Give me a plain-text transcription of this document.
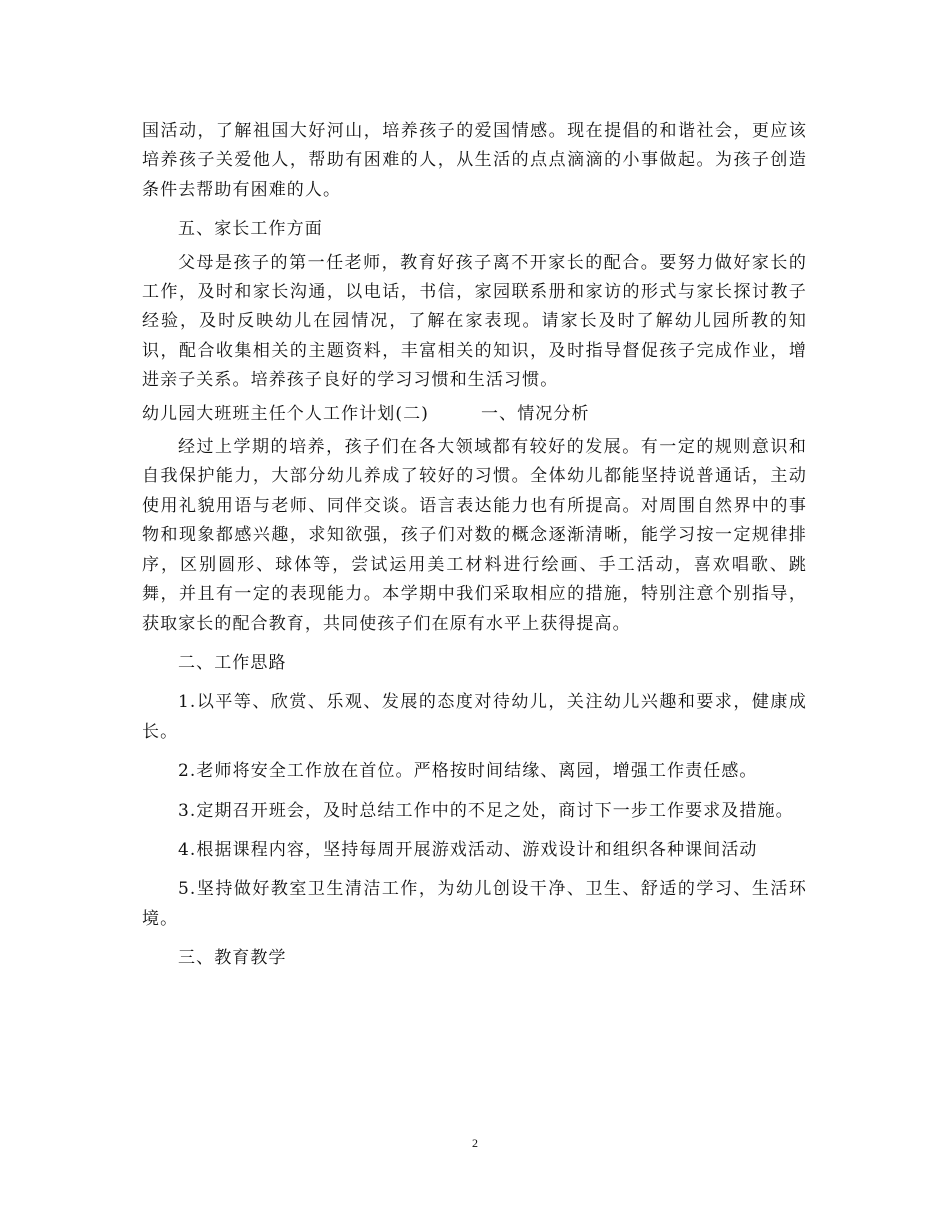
国活动，了解祖国大好河山，培养孩子的爱国情感。现在提倡的和谐社会，更应该培养孩子关爱他人，帮助有困难的人，从生活的点点滴滴的小事做起。为孩子创造条件去帮助有困难的人。

五、家长工作方面

父母是孩子的第一任老师，教育好孩子离不开家长的配合。要努力做好家长的工作，及时和家长沟通，以电话，书信，家园联系册和家访的形式与家长探讨教子经验，及时反映幼儿在园情况，了解在家表现。请家长及时了解幼儿园所教的知识，配合收集相关的主题资料，丰富相关的知识，及时指导督促孩子完成作业，增进亲子关系。培养孩子良好的学习习惯和生活习惯。

幼儿园大班班主任个人工作计划(二)        一、情况分析

经过上学期的培养，孩子们在各大领域都有较好的发展。有一定的规则意识和自我保护能力，大部分幼儿养成了较好的习惯。全体幼儿都能坚持说普通话，主动使用礼貌用语与老师、同伴交谈。语言表达能力也有所提高。对周围自然界中的事物和现象都感兴趣，求知欲强，孩子们对数的概念逐渐清晰，能学习按一定规律排序，区别圆形、球体等，尝试运用美工材料进行绘画、手工活动，喜欢唱歌、跳舞，并且有一定的表现能力。本学期中我们采取相应的措施，特别注意个别指导，获取家长的配合教育，共同使孩子们在原有水平上获得提高。

二、工作思路

1.以平等、欣赏、乐观、发展的态度对待幼儿，关注幼儿兴趣和要求，健康成长。

2.老师将安全工作放在首位。严格按时间结缘、离园，增强工作责任感。

3.定期召开班会，及时总结工作中的不足之处，商讨下一步工作要求及措施。

4.根据课程内容，坚持每周开展游戏活动、游戏设计和组织各种课间活动

5.坚持做好教室卫生清洁工作，为幼儿创设干净、卫生、舒适的学习、生活环境。

三、教育教学

2
